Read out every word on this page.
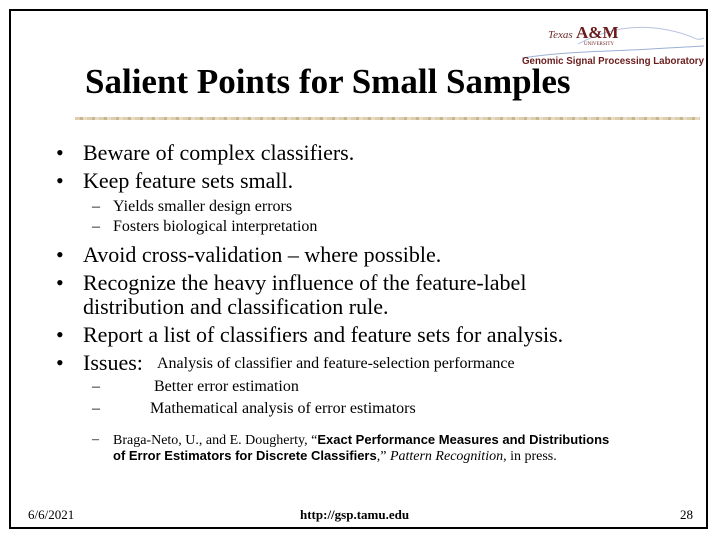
Texas A&M
UNIVERSITY
Genomic Signal Processing Laboratory
Salient Points for Small Samples
• Beware of complex classifiers.
• Keep feature sets small.
– Yields smaller design errors
– Fosters biological interpretation
• Avoid cross-validation – where possible.
• Recognize the heavy influence of the feature-label
distribution and classification rule.
• Report a list of classifiers and feature sets for analysis.
• Issues: Analysis of classifier and feature-selection performance
–	Better error estimation
–	Mathematical analysis of error estimators
– Braga-Neto, U., and E. Dougherty, “Exact Performance Measures and Distributions
of Error Estimators for Discrete Classifiers,” Pattern Recognition, in press.
6/6/2021	http://gsp.tamu.edu	28
